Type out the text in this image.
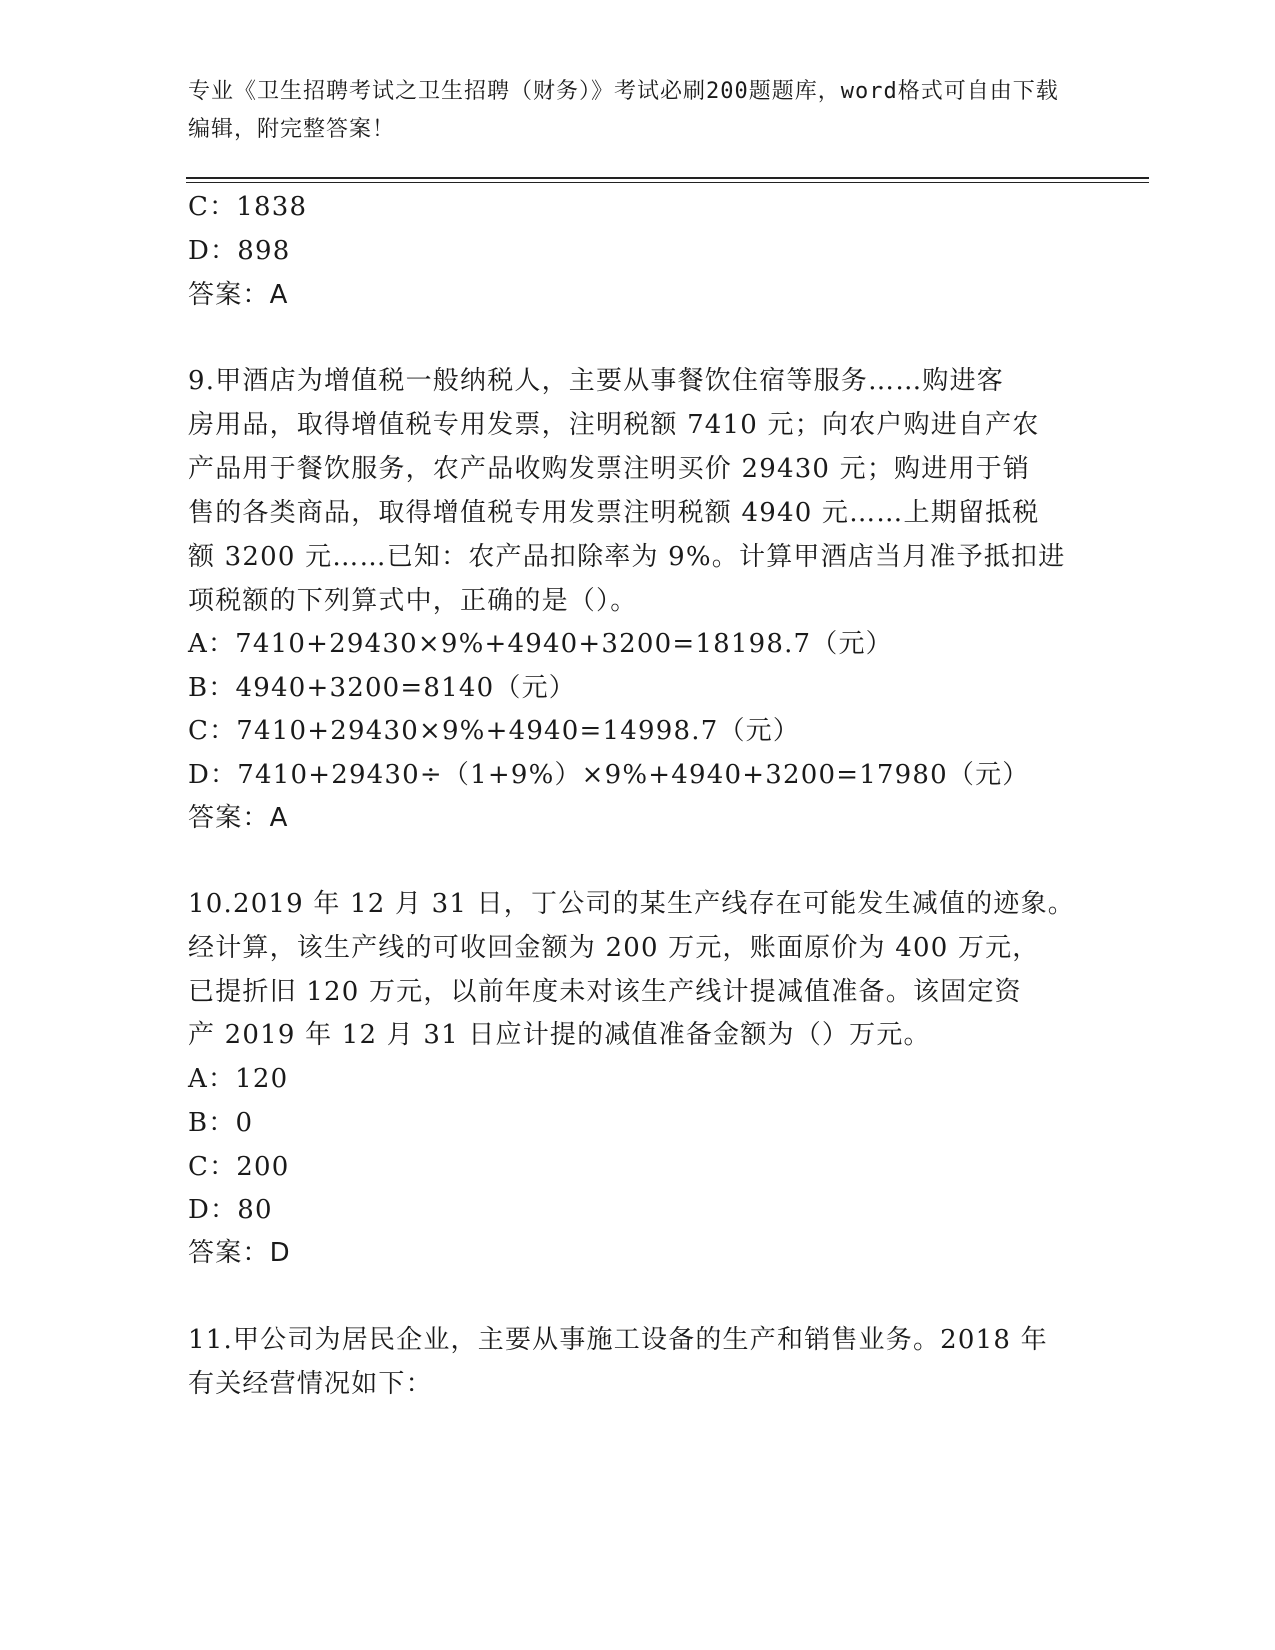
专业《卫生招聘考试之卫生招聘（财务）》考试必刷200题题库，word格式可自由下载编辑，附完整答案！
C：1838
D：898
答案：A
9.甲酒店为增值税一般纳税人，主要从事餐饮住宿等服务……购进客
房用品，取得增值税专用发票，注明税额 7410 元；向农户购进自产农
产品用于餐饮服务，农产品收购发票注明买价 29430 元；购进用于销
售的各类商品，取得增值税专用发票注明税额 4940 元……上期留抵税
额 3200 元……已知：农产品扣除率为 9%。计算甲酒店当月准予抵扣进
项税额的下列算式中，正确的是（）。
A：7410+29430×9%+4940+3200=18198.7（元）
B：4940+3200=8140（元）
C：7410+29430×9%+4940=14998.7（元）
D：7410+29430÷（1+9%）×9%+4940+3200=17980（元）
答案：A
10.2019 年 12 月 31 日，丁公司的某生产线存在可能发生减值的迹象。
经计算，该生产线的可收回金额为 200 万元，账面原价为 400 万元，
已提折旧 120 万元，以前年度未对该生产线计提减值准备。该固定资
产 2019 年 12 月 31 日应计提的减值准备金额为（）万元。
A：120
B：0
C：200
D：80
答案：D
11.甲公司为居民企业，主要从事施工设备的生产和销售业务。2018 年
有关经营情况如下：
